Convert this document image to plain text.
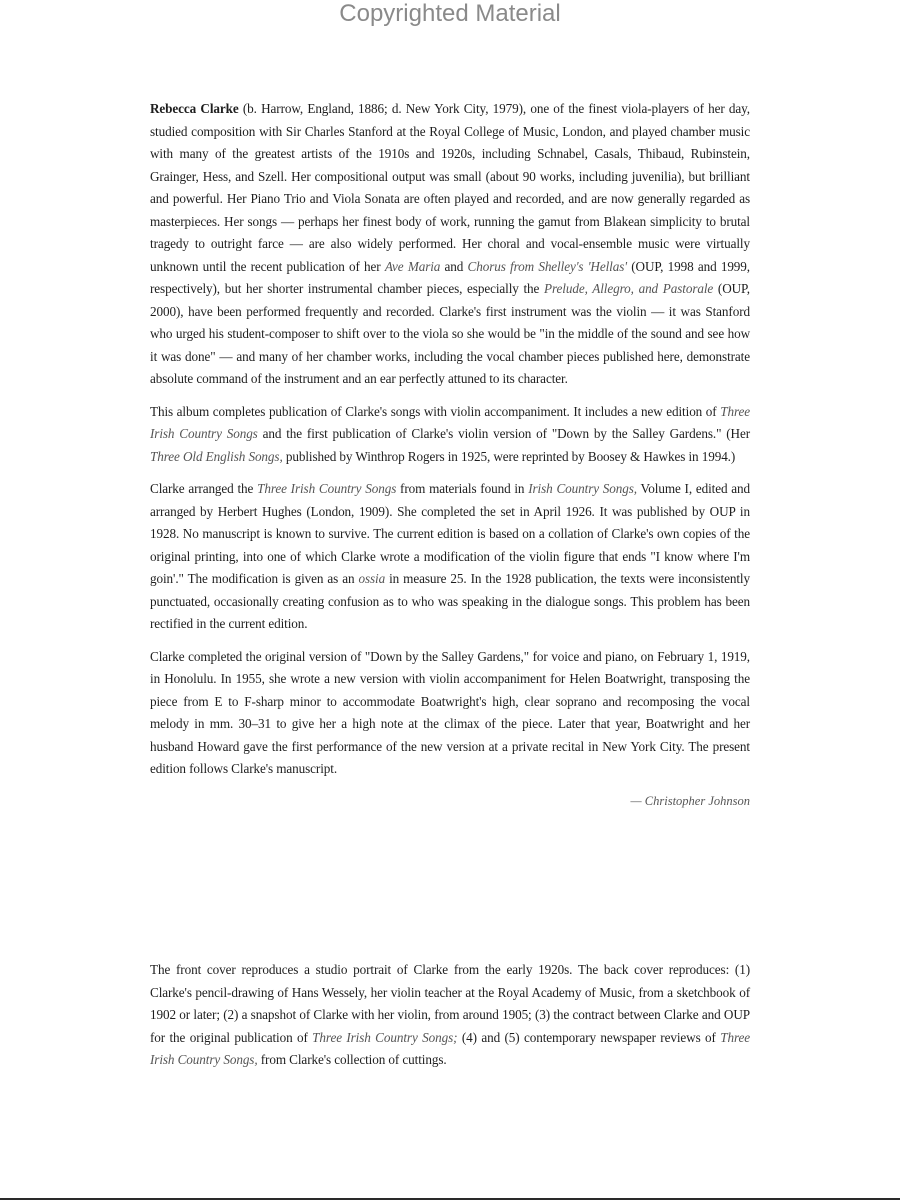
Copyrighted Material

Rebecca Clarke (b. Harrow, England, 1886; d. New York City, 1979), one of the finest viola-players of her day, studied composition with Sir Charles Stanford at the Royal College of Music, London, and played chamber music with many of the greatest artists of the 1910s and 1920s, including Schnabel, Casals, Thibaud, Rubinstein, Grainger, Hess, and Szell. Her compositional output was small (about 90 works, including juvenilia), but brilliant and powerful. Her Piano Trio and Viola Sonata are often played and recorded, and are now generally regarded as masterpieces. Her songs — perhaps her finest body of work, running the gamut from Blakean simplicity to brutal tragedy to outright farce — are also widely performed. Her choral and vocal-ensemble music were virtually unknown until the recent publication of her Ave Maria and Chorus from Shelley's 'Hellas' (OUP, 1998 and 1999, respectively), but her shorter instrumental chamber pieces, especially the Prelude, Allegro, and Pastorale (OUP, 2000), have been performed frequently and recorded. Clarke's first instrument was the violin — it was Stanford who urged his student-composer to shift over to the viola so she would be "in the middle of the sound and see how it was done" — and many of her chamber works, including the vocal chamber pieces published here, demonstrate absolute command of the instrument and an ear perfectly attuned to its character.

This album completes publication of Clarke's songs with violin accompaniment. It includes a new edition of Three Irish Country Songs and the first publication of Clarke's violin version of "Down by the Salley Gardens." (Her Three Old English Songs, published by Winthrop Rogers in 1925, were reprinted by Boosey & Hawkes in 1994.)

Clarke arranged the Three Irish Country Songs from materials found in Irish Country Songs, Volume I, edited and arranged by Herbert Hughes (London, 1909). She completed the set in April 1926. It was published by OUP in 1928. No manuscript is known to survive. The current edition is based on a collation of Clarke's own copies of the original printing, into one of which Clarke wrote a modification of the violin figure that ends "I know where I'm goin'." The modification is given as an ossia in measure 25. In the 1928 publication, the texts were inconsistently punctuated, occasionally creating confusion as to who was speaking in the dialogue songs. This problem has been rectified in the current edition.

Clarke completed the original version of "Down by the Salley Gardens," for voice and piano, on February 1, 1919, in Honolulu. In 1955, she wrote a new version with violin accompaniment for Helen Boatwright, transposing the piece from E to F-sharp minor to accommodate Boatwright's high, clear soprano and recomposing the vocal melody in mm. 30–31 to give her a high note at the climax of the piece. Later that year, Boatwright and her husband Howard gave the first performance of the new version at a private recital in New York City. The present edition follows Clarke's manuscript.

— Christopher Johnson

The front cover reproduces a studio portrait of Clarke from the early 1920s. The back cover reproduces: (1) Clarke's pencil-drawing of Hans Wessely, her violin teacher at the Royal Academy of Music, from a sketchbook of 1902 or later; (2) a snapshot of Clarke with her violin, from around 1905; (3) the contract between Clarke and OUP for the original publication of Three Irish Country Songs; (4) and (5) contemporary newspaper reviews of Three Irish Country Songs, from Clarke's collection of cuttings.
